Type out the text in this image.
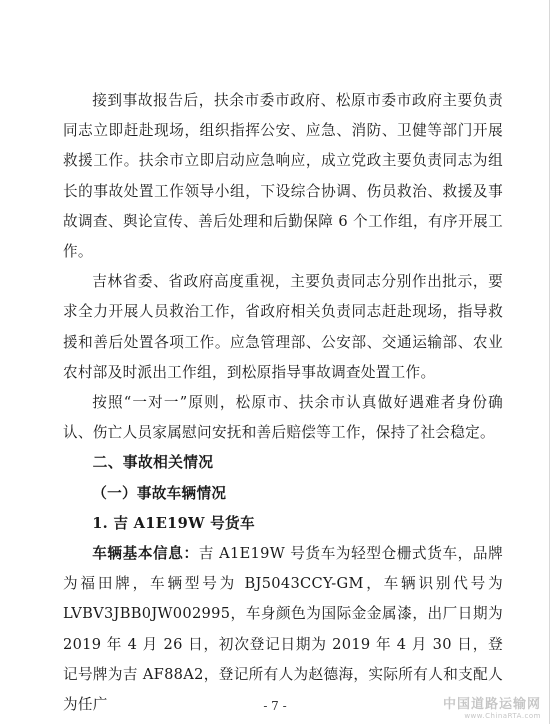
接到事故报告后，扶余市委市政府、松原市委市政府主要负责同志立即赶赴现场，组织指挥公安、应急、消防、卫健等部门开展救援工作。扶余市立即启动应急响应，成立党政主要负责同志为组长的事故处置工作领导小组，下设综合协调、伤员救治、救援及事故调查、舆论宣传、善后处理和后勤保障 6 个工作组，有序开展工作。

吉林省委、省政府高度重视，主要负责同志分别作出批示，要求全力开展人员救治工作，省政府相关负责同志赶赴现场，指导救援和善后处置各项工作。应急管理部、公安部、交通运输部、农业农村部及时派出工作组，到松原指导事故调查处置工作。

按照“一对一”原则，松原市、扶余市认真做好遇难者身份确认、伤亡人员家属慰问安抚和善后赔偿等工作，保持了社会稳定。

二、事故相关情况

（一）事故车辆情况

1. 吉 A1E19W 号货车

车辆基本信息：吉 A1E19W 号货车为轻型仓栅式货车，品牌为福田牌，车辆型号为 BJ5043CCY-GM，车辆识别代号为 LVBV3JBB0JW002995，车身颜色为国际金金属漆，出厂日期为 2019 年 4 月 26 日，初次登记日期为 2019 年 4 月 30 日，登记号牌为吉 AF88A2，登记所有人为赵德海，实际所有人和支配人为任广	- 7 -	中国道路运输网
www.ChinaRTA.com
